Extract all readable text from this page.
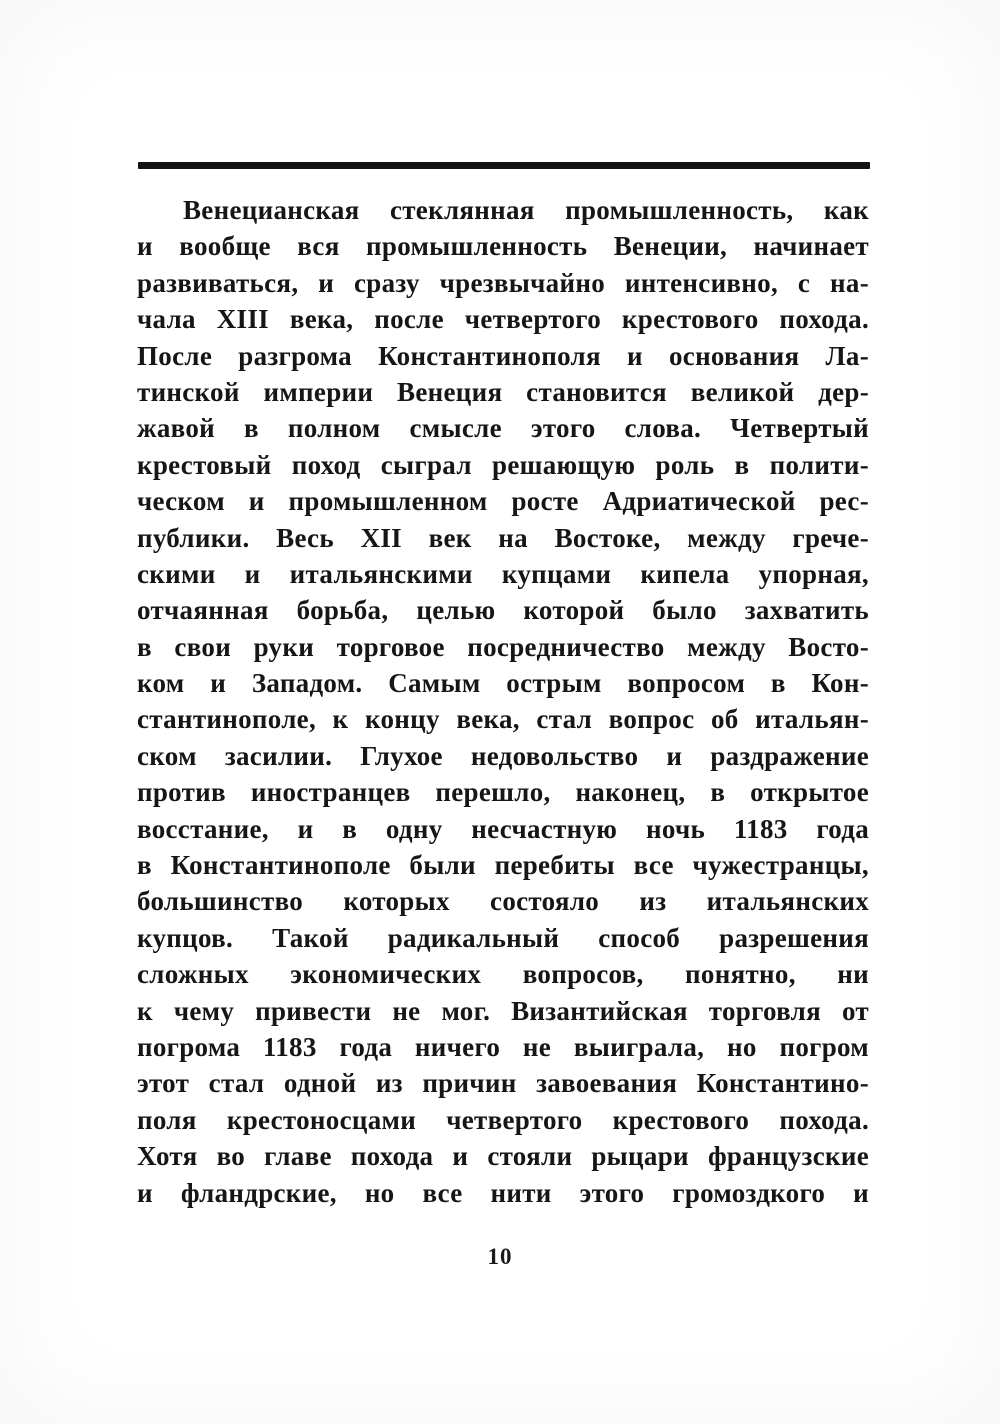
Венецианская стеклянная промышленность, как
и вообще вся промышленность Венеции, начинает
развиваться, и сразу чрезвычайно интенсивно, с на-
чала XIII века, после четвертого крестового похода.
После разгрома Константинополя и основания Ла-
тинской империи Венеция становится великой дер-
жавой в полном смысле этого слова. Четвертый
крестовый поход сыграл решающую роль в полити-
ческом и промышленном росте Адриатической рес-
публики. Весь XII век на Востоке, между грече-
скими и итальянскими купцами кипела упорная,
отчаянная борьба, целью которой было захватить
в свои руки торговое посредничество между Восто-
ком и Западом. Самым острым вопросом в Кон-
стантинополе, к концу века, стал вопрос об итальян-
ском засилии. Глухое недовольство и раздражение
против иностранцев перешло, наконец, в открытое
восстание, и в одну несчастную ночь 1183 года
в Константинополе были перебиты все чужестранцы,
большинство которых состояло из итальянских
купцов. Такой радикальный способ разрешения
сложных экономических вопросов, понятно, ни
к чему привести не мог. Византийская торговля от
погрома 1183 года ничего не выиграла, но погром
этот стал одной из причин завоевания Константино-
поля крестоносцами четвертого крестового похода.
Хотя во главе похода и стояли рыцари французские
и фландрские, но все нити этого громоздкого и
10
